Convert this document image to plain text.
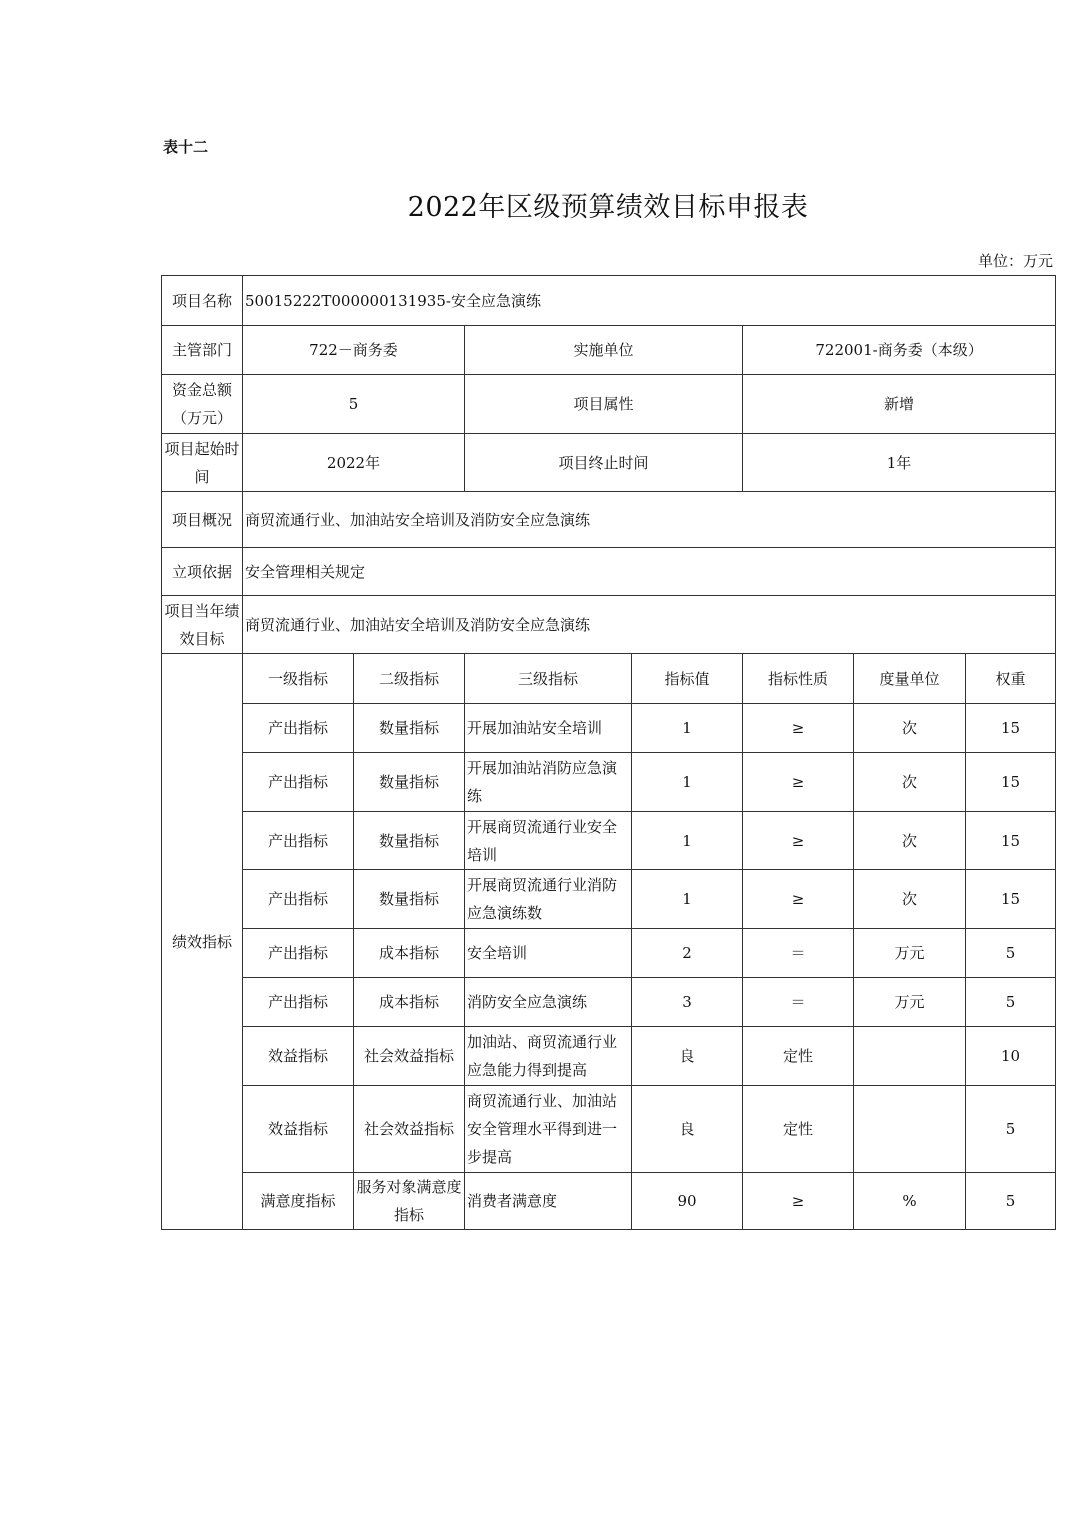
表十二
2022年区级预算绩效目标申报表
单位：万元
项目名称	50015222T000000131935-安全应急演练						
主管部门	722－商务委		实施单位		722001-商务委（本级）		
资金总额（万元）	5		项目属性		新增		
项目起始时间	2022年		项目终止时间		1年		
项目概况	商贸流通行业、加油站安全培训及消防安全应急演练						
立项依据	安全管理相关规定						
项目当年绩效目标	商贸流通行业、加油站安全培训及消防安全应急演练						
绩效指标	一级指标	二级指标	三级指标	指标值	指标性质	度量单位	权重
	产出指标	数量指标	开展加油站安全培训	1	≥	次	15
	产出指标	数量指标	开展加油站消防应急演练	1	≥	次	15
	产出指标	数量指标	开展商贸流通行业安全培训	1	≥	次	15
	产出指标	数量指标	开展商贸流通行业消防应急演练数	1	≥	次	15
	产出指标	成本指标	安全培训	2	＝	万元	5
	产出指标	成本指标	消防安全应急演练	3	＝	万元	5
	效益指标	社会效益指标	加油站、商贸流通行业应急能力得到提高	良	定性		10
	效益指标	社会效益指标	商贸流通行业、加油站安全管理水平得到进一步提高	良	定性		5
	满意度指标	服务对象满意度指标	消费者满意度	90	≥	%	5
